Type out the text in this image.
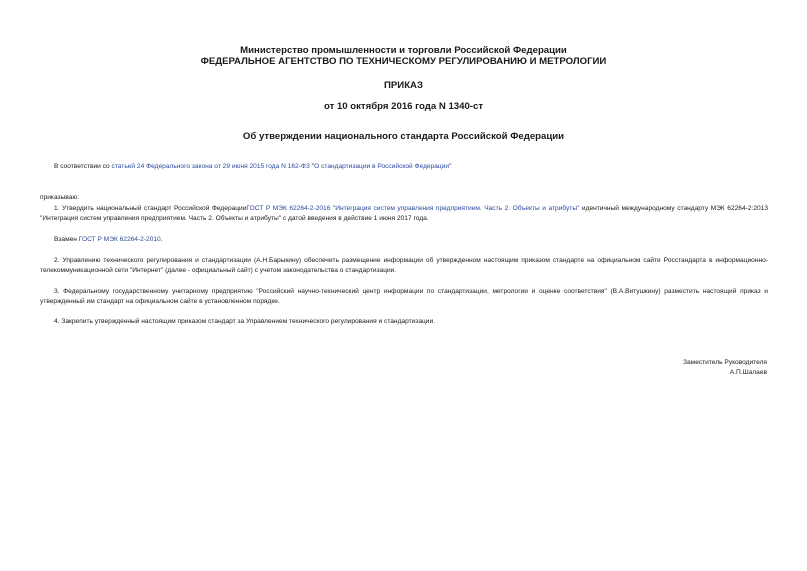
Министерство промышленности и торговли Российской Федерации
ФЕДЕРАЛЬНОЕ АГЕНТСТВО ПО ТЕХНИЧЕСКОМУ РЕГУЛИРОВАНИЮ И МЕТРОЛОГИИ
ПРИКАЗ
от 10 октября 2016 года N 1340-ст
Об утверждении национального стандарта Российской Федерации
В соответствии со статьей 24 Федерального закона от 29 июня 2015 года N 162-ФЗ "О стандартизации в Российской Федерации"
приказываю:
1. Утвердить национальный стандарт Российской ФедерацииГОСТ Р МЭК 62264-2-2016 "Интеграция систем управления предприятием. Часть 2. Объекты и атрибуты" идентичный международному стандарту МЭК 62264-2:2013 "Интеграция систем управления предприятием. Часть 2. Объекты и атрибуты" с датой введения в действие 1 июня 2017 года.
Взамен ГОСТ Р МЭК 62264-2-2010.
2. Управлению технического регулирования и стандартизации (А.Н.Барыкину) обеспечить размещение информации об утвержденном настоящим приказом стандарте на официальном сайте Росстандарта в информационно-телекоммуникационной сети "Интернет" (далее - официальный сайт) с учетом законодательства о стандартизации.
3. Федеральному государственному унитарному предприятию "Российский научно-технический центр информации по стандартизации, метрологии и оценке соответствия" (В.А.Витушкину) разместить настоящий приказ и утвержденный им стандарт на официальном сайте в установленном порядке.
4. Закрепить утвержденный настоящим приказом стандарт за Управлением технического регулирования и стандартизации.
Заместитель Руководителя
А.П.Шалаев
